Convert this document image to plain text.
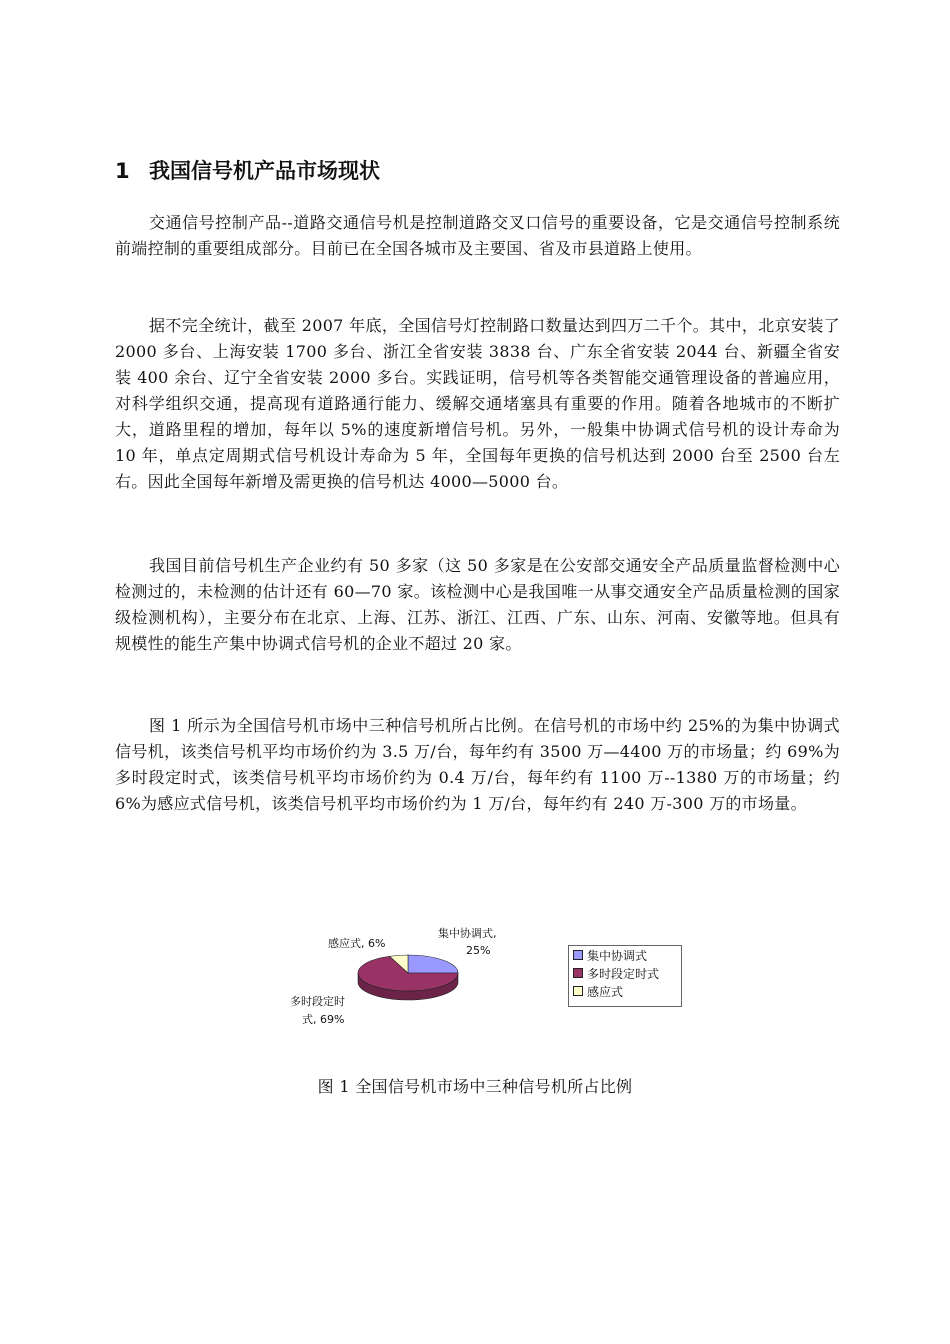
1 我国信号机产品市场现状

交通信号控制产品--道路交通信号机是控制道路交叉口信号的重要设备，它是交通信号控制系统前端控制的重要组成部分。目前已在全国各城市及主要国、省及市县道路上使用。

据不完全统计，截至 2007 年底，全国信号灯控制路口数量达到四万二千个。其中，北京安装了 2000 多台、上海安装 1700 多台、浙江全省安装 3838 台、广东全省安装 2044 台、新疆全省安装 400 余台、辽宁全省安装 2000 多台。实践证明，信号机等各类智能交通管理设备的普遍应用，对科学组织交通，提高现有道路通行能力、缓解交通堵塞具有重要的作用。随着各地城市的不断扩大，道路里程的增加，每年以 5%的速度新增信号机。另外，一般集中协调式信号机的设计寿命为 10 年，单点定周期式信号机设计寿命为 5 年，全国每年更换的信号机达到 2000 台至 2500 台左右。因此全国每年新增及需更换的信号机达 4000—5000 台。

我国目前信号机生产企业约有 50 多家（这 50 多家是在公安部交通安全产品质量监督检测中心检测过的，未检测的估计还有 60—70 家。该检测中心是我国唯一从事交通安全产品质量检测的国家级检测机构），主要分布在北京、上海、江苏、浙江、江西、广东、山东、河南、安徽等地。但具有规模性的能生产集中协调式信号机的企业不超过 20 家。

图 1 所示为全国信号机市场中三种信号机所占比例。在信号机的市场中约 25%的为集中协调式信号机，该类信号机平均市场价约为 3.5 万/台，每年约有 3500 万—4400 万的市场量；约 69%为多时段定时式，该类信号机平均市场价约为 0.4 万/台，每年约有 1100 万--1380 万的市场量；约 6%为感应式信号机，该类信号机平均市场价约为 1 万/台，每年约有 240 万-300 万的市场量。

集中协调式,
25%
多时段定时
式, 69%
感应式, 6%
集中协调式
多时段定时式
感应式

图 1 全国信号机市场中三种信号机所占比例
